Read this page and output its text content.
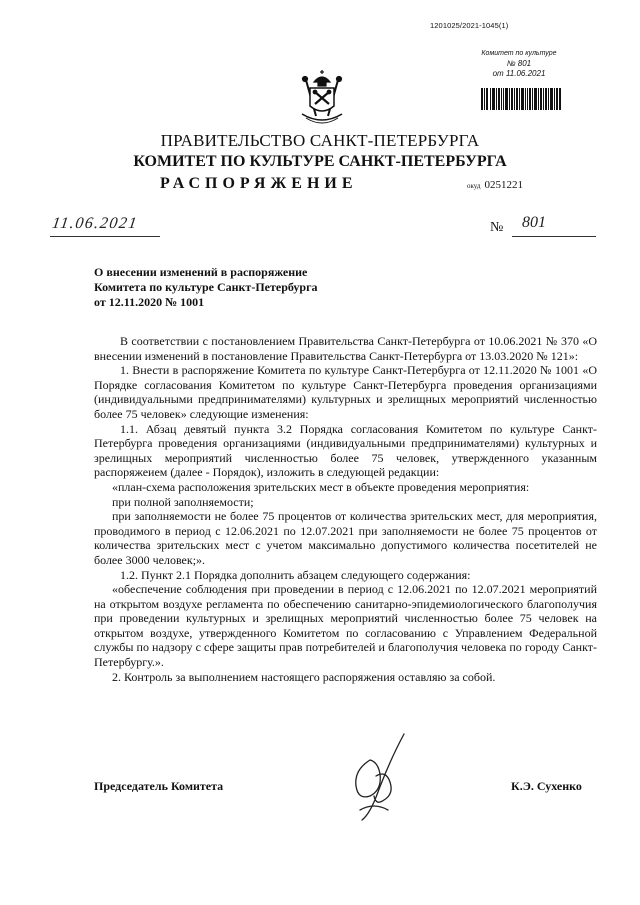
1201025/2021-1045(1)
Комитет по культуре
№ 801
от 11.06.2021
ПРАВИТЕЛЬСТВО САНКТ-ПЕТЕРБУРГА
КОМИТЕТ ПО КУЛЬТУРЕ САНКТ-ПЕТЕРБУРГА
РАСПОРЯЖЕНИЕ	окуд 0251221
11.06.2021	№ 801
О внесении изменений в распоряжение
Комитета по культуре Санкт-Петербурга
от 12.11.2020 № 1001

В соответствии с постановлением Правительства Санкт-Петербурга от 10.06.2021 № 370 «О внесении изменений в постановление Правительства Санкт-Петербурга от 13.03.2020 № 121»:

1. Внести в распоряжение Комитета по культуре Санкт-Петербурга от 12.11.2020 № 1001 «О Порядке согласования Комитетом по культуре Санкт-Петербурга проведения организациями (индивидуальными предпринимателями) культурных и зрелищных мероприятий численностью более 75 человек» следующие изменения:

1.1. Абзац девятый пункта 3.2 Порядка согласования Комитетом по культуре Санкт-Петербурга проведения организациями (индивидуальными предпринимателями) культурных и зрелищных мероприятий численностью более 75 человек, утвержденного указанным распоряжеием (далее - Порядок), изложить в следующей редакции:

«план-схема расположения зрительских мест в объекте проведения мероприятия:

при полной заполняемости;

при заполняемости не более 75 процентов от количества зрительских мест, для мероприятия, проводимого в период с 12.06.2021 по 12.07.2021 при заполняемости не более 75 процентов от количества зрительских мест с учетом максимально допустимого количества посетителей не более 3000 человек;».

1.2. Пункт 2.1 Порядка дополнить абзацем следующего содержания:

«обеспечение соблюдения при проведении в период с 12.06.2021 по 12.07.2021 мероприятий на открытом воздухе регламента по обеспечению санитарно-эпидемиологического благополучия при проведении культурных и зрелищных мероприятий численностью более 75 человек на открытом воздухе, утвержденного Комитетом по согласованию с Управлением Федеральной службы по надзору с сфере защиты прав потребителей и благополучия человека по городу Санкт-Петербургу.».

2. Контроль за выполнением настоящего распоряжения оставляю за собой.

Председатель Комитета	К.Э. Сухенко
